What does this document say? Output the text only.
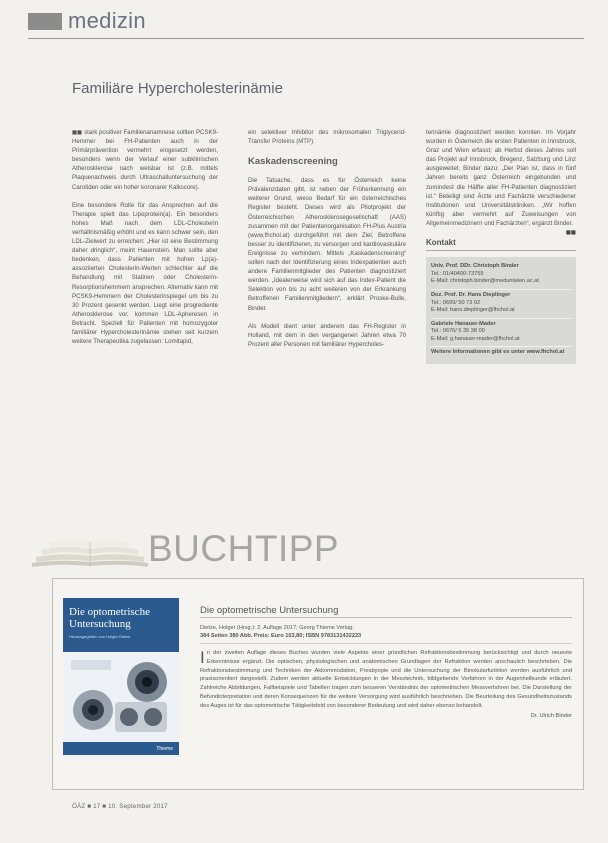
medizin
Familiäre Hypercholesterinämie

◼◼ stark positiver Familienanamnese sollten PCSK9-Hemmer bei FH-Patienten auch in der Primärprävention vermehrt eingesetzt werden, besonders wenn der Verlauf einer subklinischen Atherosklerose nach weisbar ist (z.B. mittels Plaquenachweis durch Ultraschalluntersuchung der Carotiden oder ein hoher koronarer Kalkscore).

Eine besondere Rolle für das Ansprechen auf die Therapie spielt das Lipoprotein(a). Ein besonders hohes Maß nach dem LDL-Cholesterin verhältnismäßig erhöht und es kann schwer sein, den LDL-Zielwert zu erreichen: „Hier ist eine Bestimmung daher dringlich“, meint Hauenstein. Man sollte aber bedenken, dass Patienten mit hohen Lp(a)-assoziierten Cholesterin-Werten schlechter auf die Behandlung mit Statinen oder Cholesterin-Resorptionshemmern ansprechen. Alternativ kann mit PCSK9-Hemmern der Cholesterinspiegel um bis zu 30 Prozent gesenkt werden. Liegt eine progrediente Atherosklerose vor, kommen LDL-Apheresen in Betracht. Speziell für Patienten mit homozygoter familiärer Hypercholesterinämie stehen seit kurzem weitere Therapeutika zugelassen: Lomitapid,

ein selektiver Inhibitor des mikrosomalen Triglycerid-Transfer Proteins (MTP).

Kaskadenscreening

Die Tatsache, dass es für Österreich keine Prävalenzdaten gibt, ist neben der Früherkennung ein weiterer Grund, wieso Bedarf für ein österreichisches Register besteht. Dieses wird als Pilotprojekt der Österreichischen Atherosklerosegesellschaft (AAS) zusammen mit der Patientenorganisation FH-Plus Austria (www.fhchol.at) durchgeführt mit dem Ziel, Betroffene besser zu identifizieren, zu versorgen und kardiovaskuläre Ereignisse zu verhindern. Mittels „Kaskadenscreening“ sollen nach der Identifizierung eines Indexpatienten auch andere Familienmitglieder des Patienten diagnostiziert werden. „Idealerweise wird sich auf das Index-Patient die Selektion von bis zu acht weiteren von der Erkrankung Betroffenen Familienmitgliedern“, erklärt Proske-Bulle, Binder.

Als Modell dient unter anderem das FH-Register in Holland, mit dem in den vergangenen Jahren etwa 70 Prozent aller Personen mit familiärer Hypercholes-

terinämie diagnostiziert werden konnten. Im Vorjahr wurden in Österreich die ersten Patienten in Innsbruck, Graz und Wien erfasst; ab Herbst dieses Jahres soll das Projekt auf Innsbruck, Bregenz, Salzburg und Linz ausgeweitet. Binder dazu: „Der Plan ist, dass in fünf Jahren bereits ganz Österreich eingebunden und zumindest die Hälfte aller FH-Patienten diagnostiziert ist.“ Beteiligt sind Ärzte und Fachärzte verschiedener Institutionen und Universitätskliniken. „Wir hoffen künftig aber vermehrt auf Zuweisungen von Allgemeinmedizinern und Fachärzten“, ergänzt Binder.
◼◼

Kontakt
Univ. Prof. DDr. Christoph Binder
Tel.: 01/40400-73755
E-Mail: christoph.binder@meduniwien.ac.at
Doz. Prof. Dr. Hans Dieplinger
Tel.: 0699/ 50 73 92
E-Mail: hans.dieplinger@fhchol.at
Gabriele Hanauer-Mader
Tel.: 0676/ 5 35 38 00
E-Mail: g.hanauer-mader@fhchol.at
Weitere Informationen gibt es unter www.fhchol.at
BUCHTIPP
Die optometrische Untersuchung
Herausgegeben von Holger Dietze
Thieme
Die optometrische Untersuchung
Dietze, Holger (Hrsg.): 2. Auflage 2017; Georg Thieme Verlag;
384 Seiten 380 Abb. Preis: Euro 103,80; ISBN 9783131432223
In der zweiten Auflage dieses Buches wurden viele Aspekte einer gründlichen Refraktionsbestimmung berücksichtigt und durch neueste Erkenntnisse ergänzt. Die optischen, physiologischen und anatomischen Grundlagen der Refraktion werden anschaulich beschrieben. Die Refraktionsbestimmung und Techniken der Akkommodation, Presbyopie und die Untersuchung der Binokularfunktion werden ausführlich und praxisorientiert dargestellt. Zudem werden aktuelle Entwicklungen in der Messtechnik, bildgebende Verfahren in der Augenheilkunde erläutert. Zahlreiche Abbildungen, Fallbeispiele und Tabellen tragen zum besseren Verständnis der optometrischen Messverfahren bei. Die Darstellung der Befundinterpretation und deren Konsequenzen für die weitere Versorgung wird ausführlich beschrieben. Die Beurteilung des Gesundheitszustands des Auges ist für das optometrische Tätigkeitsfeld von besonderer Bedeutung und wird daher ebenso behandelt.
Dr. Ulrich Binder
ÖÄZ ■ 17 ■ 10. September 2017
